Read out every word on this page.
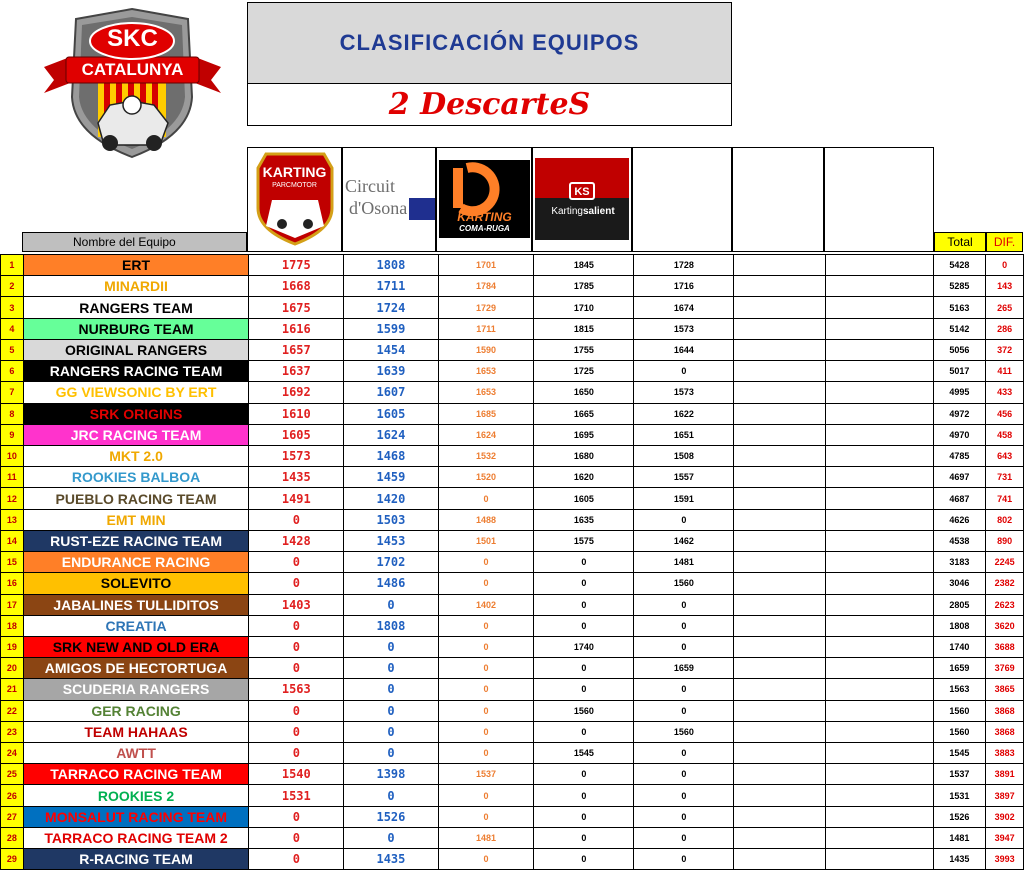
SKC
CATALUNYA
CLASIFICACIÓN EQUIPOS
2 DescarteS
KARTING
PARCMOTOR	Circuit
d'Osona	KARTING
COMA-RUGA
KS
Kartingsalient
Nombre del Equipo	Total	DIF.
1	ERT	1775	1808	1701	1845	1728			5428	0
2	MINARDII	1668	1711	1784	1785	1716			5285	143
3	RANGERS TEAM	1675	1724	1729	1710	1674			5163	265
4	NURBURG TEAM	1616	1599	1711	1815	1573			5142	286
5	ORIGINAL RANGERS	1657	1454	1590	1755	1644			5056	372
6	RANGERS RACING TEAM	1637	1639	1653	1725	0			5017	411
7	GG VIEWSONIC BY ERT	1692	1607	1653	1650	1573			4995	433
8	SRK ORIGINS	1610	1605	1685	1665	1622			4972	456
9	JRC RACING TEAM	1605	1624	1624	1695	1651			4970	458
10	MKT 2.0	1573	1468	1532	1680	1508			4785	643
11	ROOKIES BALBOA	1435	1459	1520	1620	1557			4697	731
12	PUEBLO RACING TEAM	1491	1420	0	1605	1591			4687	741
13	EMT MIN	0	1503	1488	1635	0			4626	802
14	RUST-EZE RACING TEAM	1428	1453	1501	1575	1462			4538	890
15	ENDURANCE RACING	0	1702	0	0	1481			3183	2245
16	SOLEVITO	0	1486	0	0	1560			3046	2382
17	JABALINES TULLIDITOS	1403	0	1402	0	0			2805	2623
18	CREATIA	0	1808	0	0	0			1808	3620
19	SRK NEW AND OLD ERA	0	0	0	1740	0			1740	3688
20	AMIGOS DE HECTORTUGA	0	0	0	0	1659			1659	3769
21	SCUDERIA RANGERS	1563	0	0	0	0			1563	3865
22	GER RACING	0	0	0	1560	0			1560	3868
23	TEAM HAHAAS	0	0	0	0	1560			1560	3868
24	AWTT	0	0	0	1545	0			1545	3883
25	TARRACO RACING TEAM	1540	1398	1537	0	0			1537	3891
26	ROOKIES 2	1531	0	0	0	0			1531	3897
27	MONSALUT RACING TEAM	0	1526	0	0	0			1526	3902
28	TARRACO RACING TEAM 2	0	0	1481	0	0			1481	3947
29	R-RACING TEAM	0	1435	0	0	0			1435	3993
